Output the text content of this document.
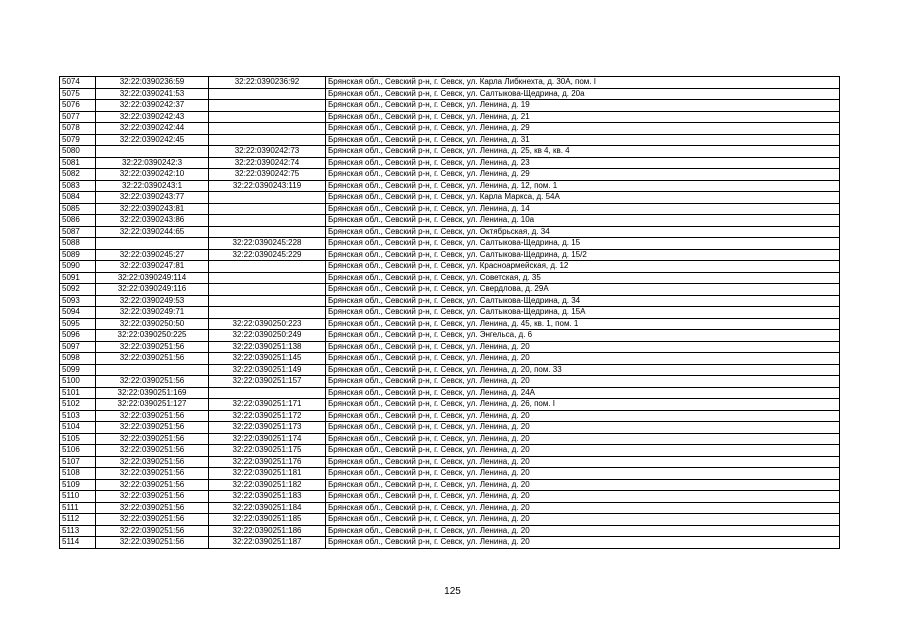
5074	32:22:0390236:59	32:22:0390236:92	Брянская обл., Севский р-н, г. Севск, ул. Карла Либкнехта, д. 30А, пом. I
5075	32:22:0390241:53		Брянская обл., Севский р-н, г. Севск, ул. Салтыкова-Щедрина, д. 20а
5076	32:22:0390242:37		Брянская обл., Севский р-н, г. Севск, ул. Ленина, д. 19
5077	32:22:0390242:43		Брянская обл., Севский р-н, г. Севск, ул. Ленина, д. 21
5078	32:22:0390242:44		Брянская обл., Севский р-н, г. Севск, ул. Ленина, д. 29
5079	32:22:0390242:45		Брянская обл., Севский р-н, г. Севск, ул. Ленина, д. 31
5080		32:22:0390242:73	Брянская обл., Севский р-н, г. Севск, ул. Ленина, д. 25, кв 4, кв. 4
5081	32:22:0390242:3	32:22:0390242:74	Брянская обл., Севский р-н, г. Севск, ул. Ленина, д. 23
5082	32:22:0390242:10	32:22:0390242:75	Брянская обл., Севский р-н, г. Севск, ул. Ленина, д. 29
5083	32:22:0390243:1	32:22:0390243:119	Брянская обл., Севский р-н, г. Севск, ул. Ленина, д. 12, пом. 1
5084	32:22:0390243:77		Брянская обл., Севский р-н, г. Севск, ул. Карла Маркса, д. 54А
5085	32:22:0390243:81		Брянская обл., Севский р-н, г. Севск, ул. Ленина, д. 14
5086	32:22:0390243:86		Брянская обл., Севский р-н, г. Севск, ул. Ленина, д. 10а
5087	32:22:0390244:65		Брянская обл., Севский р-н, г. Севск, ул. Октябрьская, д. 34
5088		32:22:0390245:228	Брянская обл., Севский р-н, г. Севск, ул. Салтыкова-Щедрина, д. 15
5089	32:22:0390245:27	32:22:0390245:229	Брянская обл., Севский р-н, г. Севск, ул. Салтыкова-Щедрина, д. 15/2
5090	32:22:0390247:81		Брянская обл., Севский р-н, г. Севск, ул. Красноармейская, д. 12
5091	32:22:0390249:114		Брянская обл., Севский р-н, г. Севск, ул. Советская, д. 35
5092	32:22:0390249:116		Брянская обл., Севский р-н, г. Севск, ул. Свердлова, д. 29А
5093	32:22:0390249:53		Брянская обл., Севский р-н, г. Севск, ул. Салтыкова-Щедрина, д. 34
5094	32:22:0390249:71		Брянская обл., Севский р-н, г. Севск, ул. Салтыкова-Щедрина, д. 15А
5095	32:22:0390250:50	32:22:0390250:223	Брянская обл., Севский р-н, г. Севск, ул. Ленина, д. 45, кв. 1, пом. 1
5096	32:22:0390250:225	32:22:0390250:249	Брянская обл., Севский р-н, г. Севск, ул. Энгельса, д. 6
5097	32:22:0390251:56	32:22:0390251:138	Брянская обл., Севский р-н, г. Севск, ул. Ленина, д. 20
5098	32:22:0390251:56	32:22:0390251:145	Брянская обл., Севский р-н, г. Севск, ул. Ленина, д. 20
5099		32:22:0390251:149	Брянская обл., Севский р-н, г. Севск, ул. Ленина, д. 20, пом. 33
5100	32:22:0390251:56	32:22:0390251:157	Брянская обл., Севский р-н, г. Севск, ул. Ленина, д. 20
5101	32:22:0390251:169		Брянская обл., Севский р-н, г. Севск, ул. Ленина, д. 24А
5102	32:22:0390251:127	32:22:0390251:171	Брянская обл., Севский р-н, г. Севск, ул. Ленина, д. 26, пом. I
5103	32:22:0390251:56	32:22:0390251:172	Брянская обл., Севский р-н, г. Севск, ул. Ленина, д. 20
5104	32:22:0390251:56	32:22:0390251:173	Брянская обл., Севский р-н, г. Севск, ул. Ленина, д. 20
5105	32:22:0390251:56	32:22:0390251:174	Брянская обл., Севский р-н, г. Севск, ул. Ленина, д. 20
5106	32:22:0390251:56	32:22:0390251:175	Брянская обл., Севский р-н, г. Севск, ул. Ленина, д. 20
5107	32:22:0390251:56	32:22:0390251:176	Брянская обл., Севский р-н, г. Севск, ул. Ленина, д. 20
5108	32:22:0390251:56	32:22:0390251:181	Брянская обл., Севский р-н, г. Севск, ул. Ленина, д. 20
5109	32:22:0390251:56	32:22:0390251:182	Брянская обл., Севский р-н, г. Севск, ул. Ленина, д. 20
5110	32:22:0390251:56	32:22:0390251:183	Брянская обл., Севский р-н, г. Севск, ул. Ленина, д. 20
5111	32:22:0390251:56	32:22:0390251:184	Брянская обл., Севский р-н, г. Севск, ул. Ленина, д. 20
5112	32:22:0390251:56	32:22:0390251:185	Брянская обл., Севский р-н, г. Севск, ул. Ленина, д. 20
5113	32:22:0390251:56	32:22:0390251:186	Брянская обл., Севский р-н, г. Севск, ул. Ленина, д. 20
5114	32:22:0390251:56	32:22:0390251:187	Брянская обл., Севский р-н, г. Севск, ул. Ленина, д. 20
125
